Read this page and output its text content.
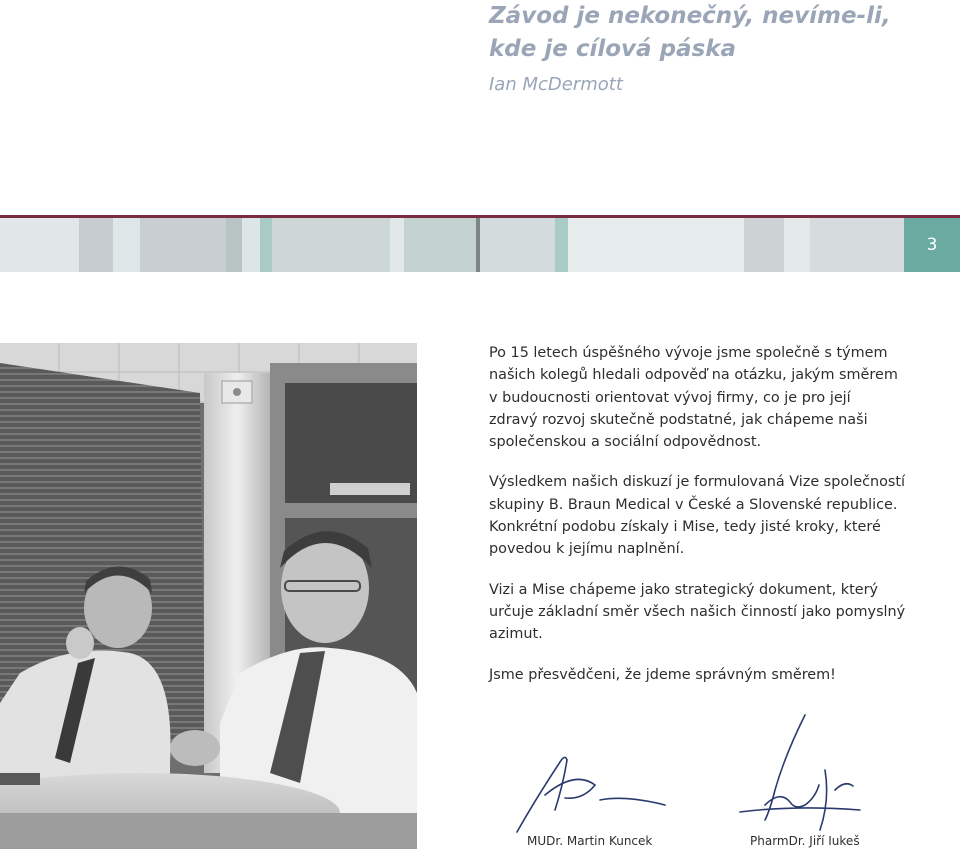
Závod je nekonečný, nevíme-li,
kde je cílová páska
Ian McDermott
3

Po 15 letech úspěšného vývoje jsme společně s týmem
našich kolegů hledali odpověď na otázku, jakým směrem
v budoucnosti orientovat vývoj firmy, co je pro její
zdravý rozvoj skutečně podstatné, jak chápeme naši
společenskou a sociální odpovědnost.

Výsledkem našich diskuzí je formulovaná Vize společností
skupiny B. Braun Medical v České a Slovenské republice.
Konkrétní podobu získaly i Mise, tedy jisté kroky, které
povedou k jejímu naplnění.

Vizi a Mise chápeme jako strategický dokument, který
určuje základní směr všech našich činností jako pomyslný
azimut.

Jsme přesvědčeni, že jdeme správným směrem!

MUDr. Martin Kuncek	PharmDr. Jiří Iukeš
